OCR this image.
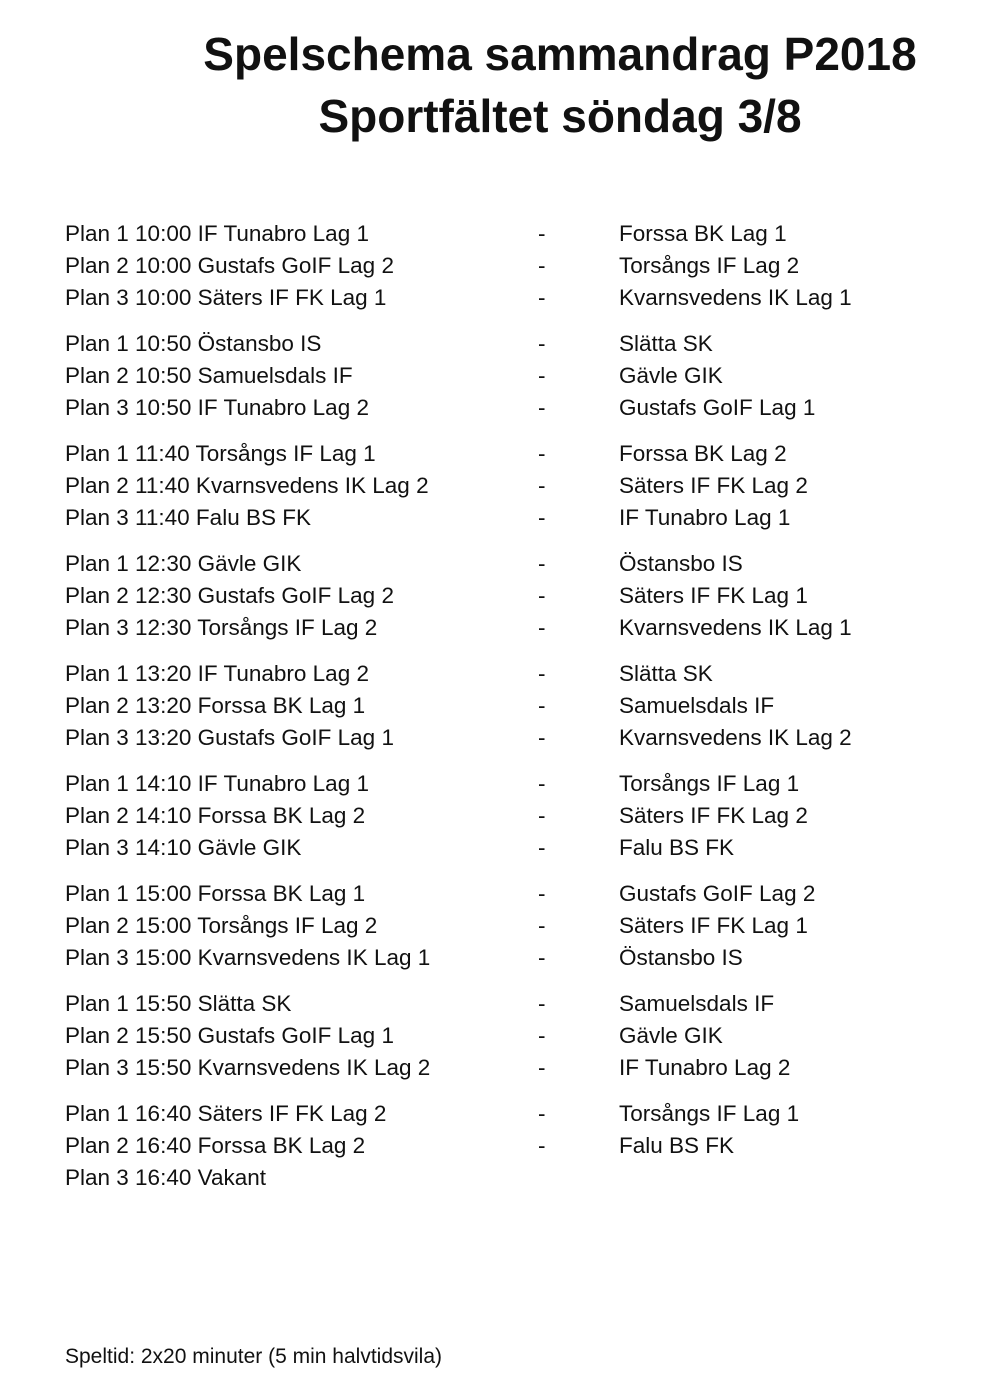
Spelschema sammandrag P2018
Sportfältet söndag 3/8
Plan 1 10:00 IF Tunabro Lag 1	-	Forssa BK Lag 1
Plan 2 10:00 Gustafs GoIF Lag 2	-	Torsångs IF Lag 2
Plan 3 10:00 Säters IF FK Lag 1	-	Kvarnsvedens IK Lag 1
Plan 1 10:50 Östansbo IS	-	Slätta SK
Plan 2 10:50 Samuelsdals IF	-	Gävle GIK
Plan 3 10:50 IF Tunabro Lag 2	-	Gustafs GoIF Lag 1
Plan 1 11:40 Torsångs IF Lag 1	-	Forssa BK Lag 2
Plan 2 11:40 Kvarnsvedens IK Lag 2	-	Säters IF FK Lag 2
Plan 3 11:40 Falu BS FK	-	IF Tunabro Lag 1
Plan 1 12:30 Gävle GIK	-	Östansbo IS
Plan 2 12:30 Gustafs GoIF Lag 2	-	Säters IF FK Lag 1
Plan 3 12:30 Torsångs IF Lag 2	-	Kvarnsvedens IK Lag 1
Plan 1 13:20 IF Tunabro Lag 2	-	Slätta SK
Plan 2 13:20 Forssa BK Lag 1	-	Samuelsdals IF
Plan 3 13:20 Gustafs GoIF Lag 1	-	Kvarnsvedens IK Lag 2
Plan 1 14:10 IF Tunabro Lag 1	-	Torsångs IF Lag 1
Plan 2 14:10 Forssa BK Lag 2	-	Säters IF FK Lag 2
Plan 3 14:10 Gävle GIK	-	Falu BS FK
Plan 1 15:00 Forssa BK Lag 1	-	Gustafs GoIF Lag 2
Plan 2 15:00 Torsångs IF Lag 2	-	Säters IF FK Lag 1
Plan 3 15:00 Kvarnsvedens IK Lag 1	-	Östansbo IS
Plan 1 15:50 Slätta SK	-	Samuelsdals IF
Plan 2 15:50 Gustafs GoIF Lag 1	-	Gävle GIK
Plan 3 15:50 Kvarnsvedens IK Lag 2	-	IF Tunabro Lag 2
Plan 1 16:40 Säters IF FK Lag 2	-	Torsångs IF Lag 1
Plan 2 16:40 Forssa BK Lag 2	-	Falu BS FK
Plan 3 16:40 Vakant
Speltid: 2x20 minuter (5 min halvtidsvila)
